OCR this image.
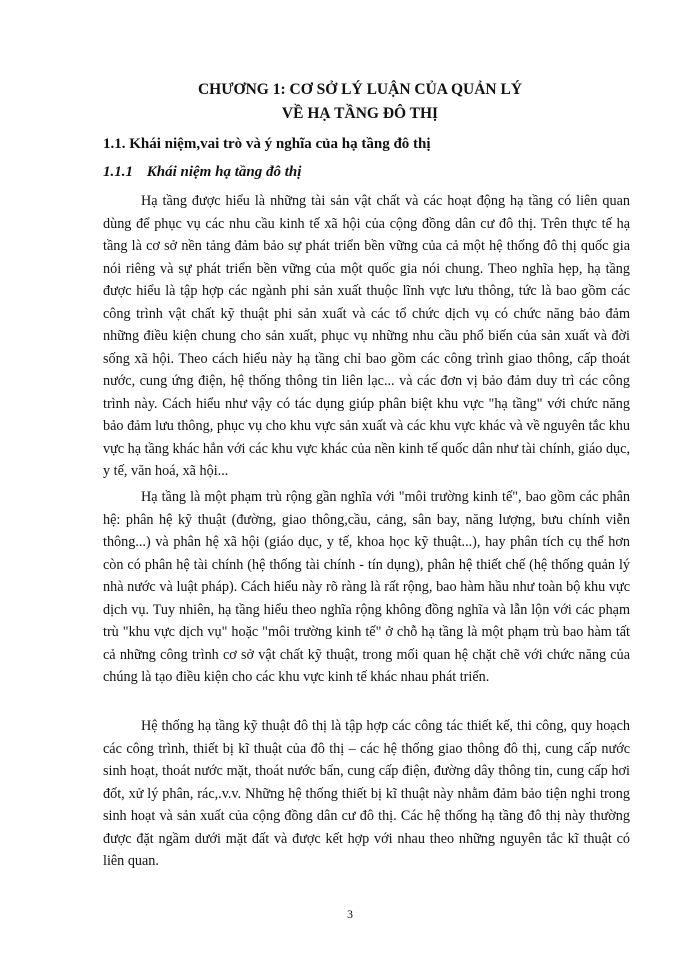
CHƯƠNG 1: CƠ SỞ LÝ LUẬN CỦA QUẢN LÝ
VỀ HẠ TẦNG ĐÔ THỊ
1.1. Khái niệm,vai trò và ý nghĩa của hạ tầng đô thị
1.1.1 Khái niệm hạ tầng đô thị

Hạ tầng được hiểu là những tài sản vật chất và các hoạt động hạ tầng có liên quan dùng để phục vụ các nhu cầu kinh tế xã hội của cộng đồng dân cư đô thị. Trên thực tế hạ tầng là cơ sở nền tảng đảm bảo sự phát triển bền vững của cả một hệ thống đô thị quốc gia nói riêng và sự phát triển bền vững của một quốc gia nói chung. Theo nghĩa hẹp, hạ tầng được hiểu là tập hợp các ngành phi sản xuất thuộc lĩnh vực lưu thông, tức là bao gồm các công trình vật chất kỹ thuật phi sản xuất và các tổ chức dịch vụ có chức năng bảo đảm những điều kiện chung cho sản xuất, phục vụ những nhu cầu phổ biến của sản xuất và đời sống xã hội. Theo cách hiểu này hạ tầng chỉ bao gồm các công trình giao thông, cấp thoát nước, cung ứng điện, hệ thống thông tin liên lạc... và các đơn vị bảo đảm duy trì các công trình này. Cách hiểu như vậy có tác dụng giúp phân biệt khu vực "hạ tầng" với chức năng bảo đảm lưu thông, phục vụ cho khu vực sản xuất và các khu vực khác và về nguyên tắc khu vực hạ tầng khác hẳn với các khu vực khác của nền kinh tế quốc dân như tài chính, giáo dục, y tế, văn hoá, xã hội...

Hạ tầng là một phạm trù rộng gần nghĩa với "môi trường kinh tế", bao gồm các phân hệ: phân hệ kỹ thuật (đường, giao thông,cầu, cảng, sân bay, năng lượng, bưu chính viễn thông...) và phân hệ xã hội (giáo dục, y tế, khoa học kỹ thuật...), hay phân tích cụ thể hơn còn có phân hệ tài chính (hệ thống tài chính - tín dụng), phân hệ thiết chế (hệ thống quản lý nhà nước và luật pháp). Cách hiểu này rõ ràng là rất rộng, bao hàm hầu như toàn bộ khu vực dịch vụ. Tuy nhiên, hạ tầng hiểu theo nghĩa rộng không đồng nghĩa và lẫn lộn với các phạm trù "khu vực dịch vụ" hoặc "môi trường kinh tế" ở chỗ hạ tầng là một phạm trù bao hàm tất cả những công trình cơ sở vật chất kỹ thuật, trong mối quan hệ chặt chẽ với chức năng của chúng là tạo điều kiện cho các khu vực kinh tế khác nhau phát triển.

Hệ thống hạ tầng kỹ thuật đô thị là tập hợp các công tác thiết kế, thi công, quy hoạch các công trình, thiết bị kĩ thuật của đô thị – các hệ thống giao thông đô thị, cung cấp nước sinh hoạt, thoát nước mặt, thoát nước bẩn, cung cấp điện, đường dây thông tin, cung cấp hơi đốt, xử lý phân, rác,.v.v. Những hệ thống thiết bị kĩ thuật này nhằm đảm bảo tiện nghi trong sinh hoạt và sản xuất của cộng đồng dân cư đô thị. Các hệ thống hạ tầng đô thị này thường được đặt ngầm dưới mặt đất và được kết hợp với nhau theo những nguyên tắc kĩ thuật có liên quan.

3
